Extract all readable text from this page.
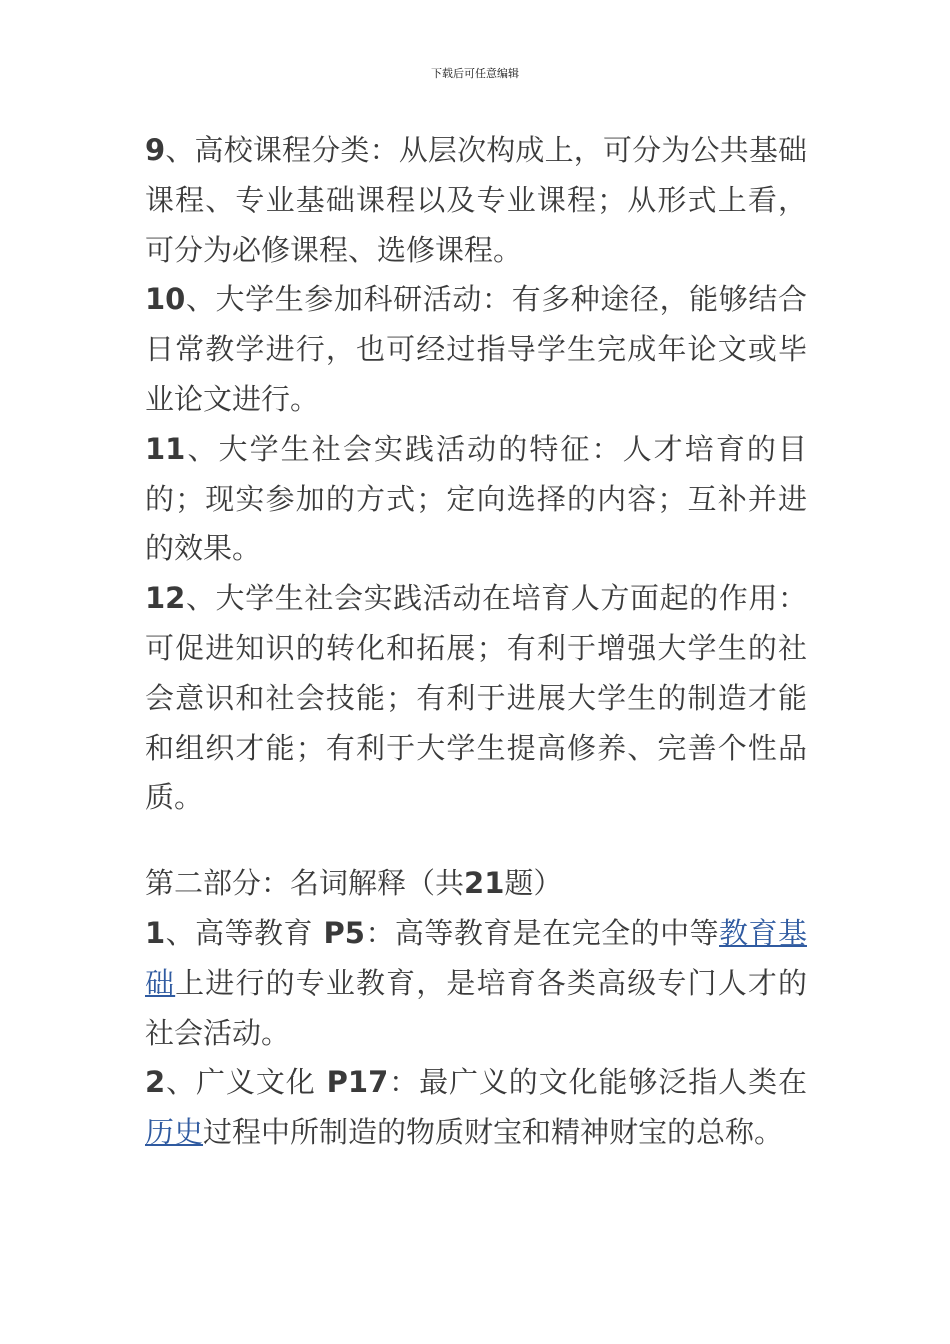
下载后可任意编辑

9、高校课程分类：从层次构成上，可分为公共基础课程、专业基础课程以及专业课程；从形式上看，可分为必修课程、选修课程。

10、大学生参加科研活动：有多种途径，能够结合日常教学进行，也可经过指导学生完成年论文或毕业论文进行。

11、大学生社会实践活动的特征：人才培育的目的；现实参加的方式；定向选择的内容；互补并进的效果。

12、大学生社会实践活动在培育人方面起的作用：可促进知识的转化和拓展；有利于增强大学生的社会意识和社会技能；有利于进展大学生的制造才能和组织才能；有利于大学生提高修养、完善个性品质。

第二部分：名词解释（共21题）

1、高等教育 P5：高等教育是在完全的中等教育基础上进行的专业教育，是培育各类高级专门人才的社会活动。

2、广义文化 P17：最广义的文化能够泛指人类在历史过程中所制造的物质财宝和精神财宝的总称。
